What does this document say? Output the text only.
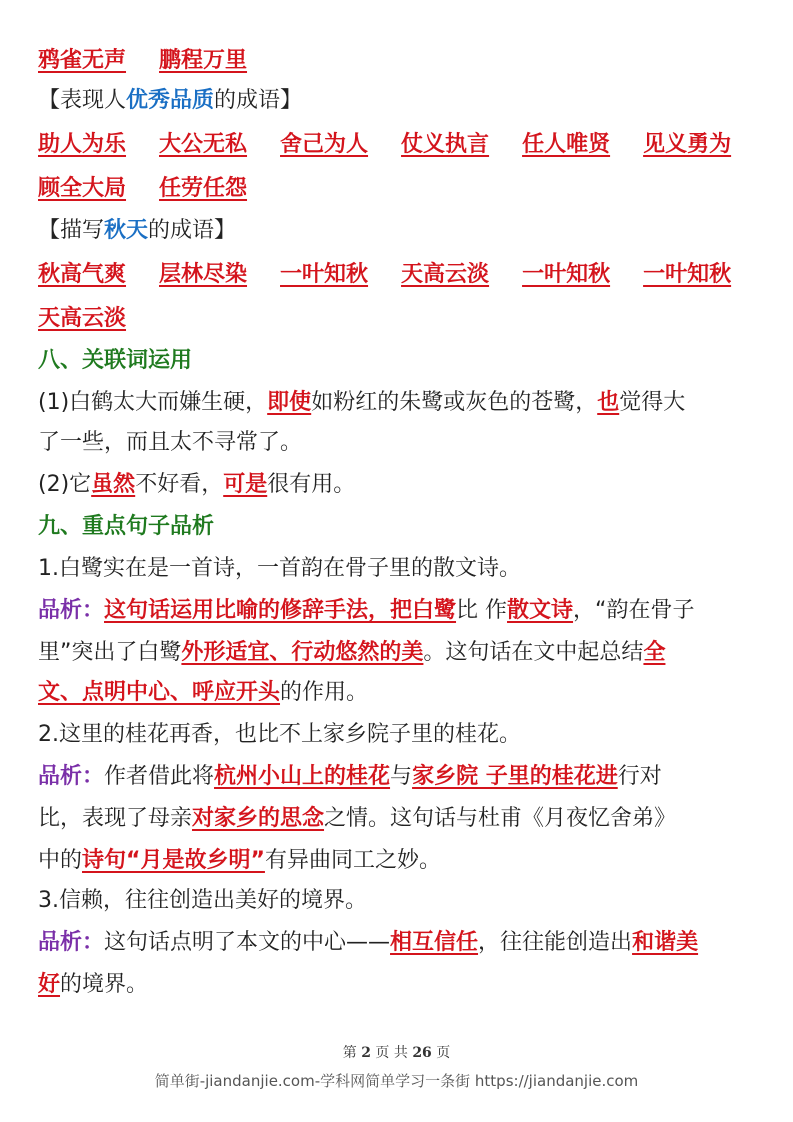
鸦雀无声 鹏程万里
【表现人优秀品质的成语】
助人为乐 大公无私 舍己为人 仗义执言 任人唯贤 见义勇为
顾全大局 任劳任怨
【描写秋天的成语】
秋高气爽 层林尽染 一叶知秋 天高云淡 一叶知秋 一叶知秋
天高云淡
八、关联词运用
(1)白鹤太大而嫌生硬，即使如粉红的朱鹭或灰色的苍鹭，也觉得大
了一些，而且太不寻常了。
(2)它虽然不好看，可是很有用。
九、重点句子品析
1.白鹭实在是一首诗，一首韵在骨子里的散文诗。
品析：这句话运用比喻的修辞手法，把白鹭比 作散文诗，“韵在骨子
里”突出了白鹭外形适宜、行动悠然的美。这句话在文中起总结全
文、点明中心、呼应开头的作用。
2.这里的桂花再香，也比不上家乡院子里的桂花。
品析：作者借此将杭州小山上的桂花与家乡院 子里的桂花进行对
比，表现了母亲对家乡的思念之情。这句话与杜甫《月夜忆舍弟》
中的诗句“月是故乡明”有异曲同工之妙。
3.信赖，往往创造出美好的境界。
品析：这句话点明了本文的中心——相互信任，往往能创造出和谐美
好的境界。
第 2 页 共 26 页
简单街-jiandanjie.com-学科网简单学习一条街 https://jiandanjie.com
